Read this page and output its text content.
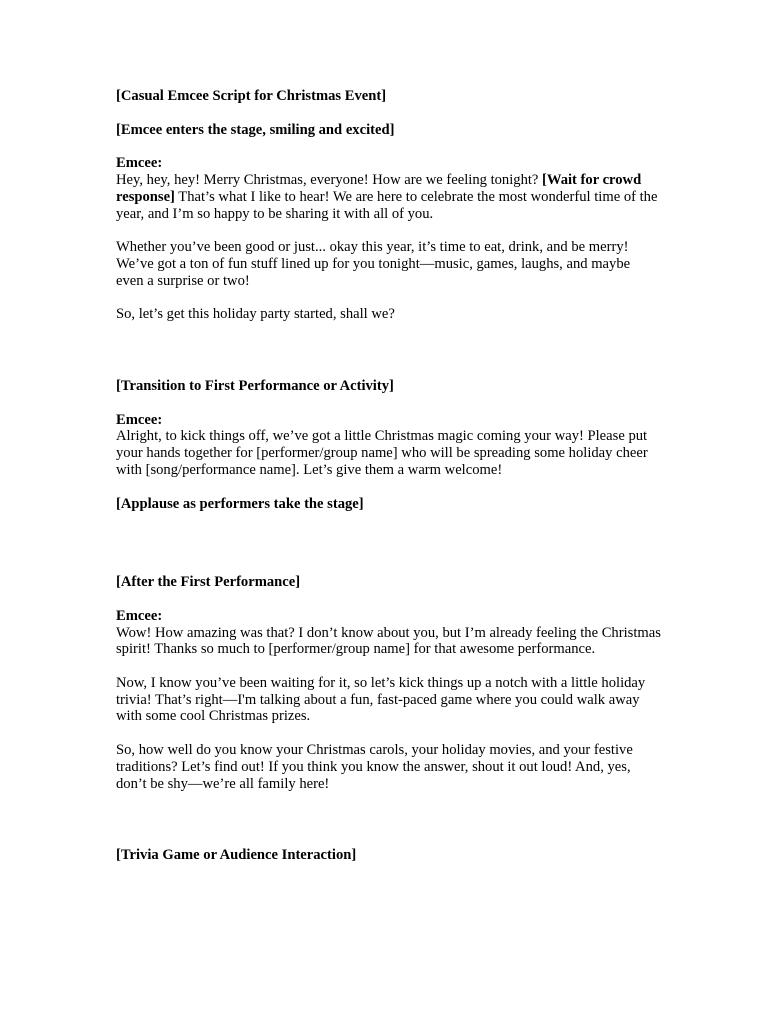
[Casual Emcee Script for Christmas Event]

[Emcee enters the stage, smiling and excited]

Emcee:

Hey, hey, hey! Merry Christmas, everyone! How are we feeling tonight? [Wait for crowd response] That’s what I like to hear! We are here to celebrate the most wonderful time of the year, and I’m so happy to be sharing it with all of you.

Whether you’ve been good or just... okay this year, it’s time to eat, drink, and be merry! We’ve got a ton of fun stuff lined up for you tonight—music, games, laughs, and maybe even a surprise or two!

So, let’s get this holiday party started, shall we?

[Transition to First Performance or Activity]

Emcee:

Alright, to kick things off, we’ve got a little Christmas magic coming your way! Please put your hands together for [performer/group name] who will be spreading some holiday cheer with [song/performance name]. Let’s give them a warm welcome!

[Applause as performers take the stage]

[After the First Performance]

Emcee:

Wow! How amazing was that? I don’t know about you, but I’m already feeling the Christmas spirit! Thanks so much to [performer/group name] for that awesome performance.

Now, I know you’ve been waiting for it, so let’s kick things up a notch with a little holiday trivia! That’s right—I'm talking about a fun, fast-paced game where you could walk away with some cool Christmas prizes.

So, how well do you know your Christmas carols, your holiday movies, and your festive traditions? Let’s find out! If you think you know the answer, shout it out loud! And, yes, don’t be shy—we’re all family here!

[Trivia Game or Audience Interaction]
